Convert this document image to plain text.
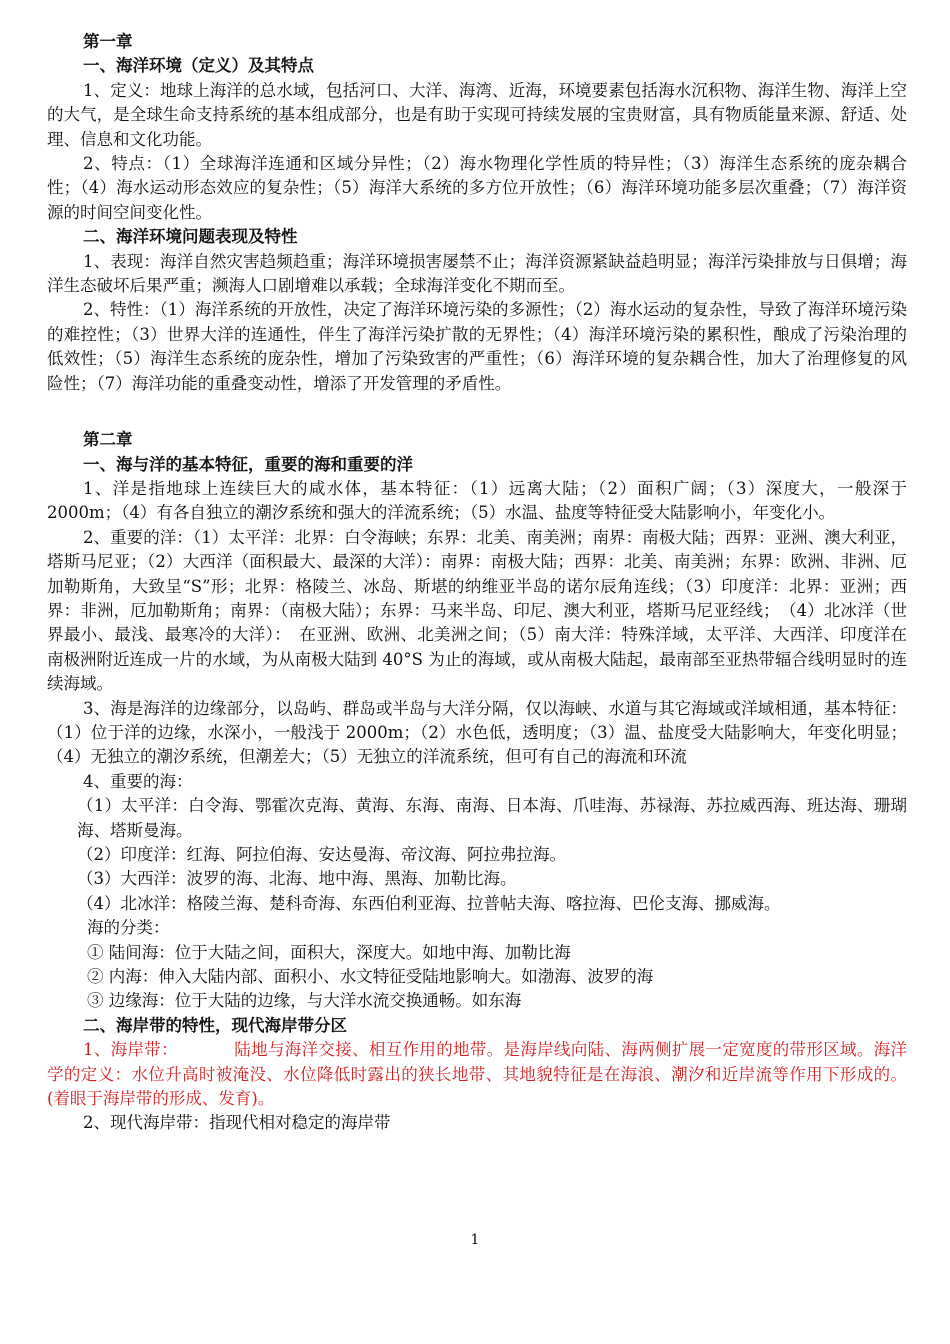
第一章

一、海洋环境（定义）及其特点

1、定义：地球上海洋的总水域，包括河口、大洋、海湾、近海，环境要素包括海水沉积物、海洋生物、海洋上空的大气，是全球生命支持系统的基本组成部分，也是有助于实现可持续发展的宝贵财富，具有物质能量来源、舒适、处理、信息和文化功能。

2、特点：（1）全球海洋连通和区域分异性；（2）海水物理化学性质的特异性；（3）海洋生态系统的庞杂耦合性；（4）海水运动形态效应的复杂性；（5）海洋大系统的多方位开放性；（6）海洋环境功能多层次重叠；（7）海洋资源的时间空间变化性。

二、海洋环境问题表现及特性

1、表现：海洋自然灾害趋频趋重；海洋环境损害屡禁不止；海洋资源紧缺益趋明显；海洋污染排放与日俱增；海洋生态破坏后果严重；濒海人口剧增难以承载；全球海洋变化不期而至。

2、特性：（1）海洋系统的开放性，决定了海洋环境污染的多源性；（2）海水运动的复杂性，导致了海洋环境污染的难控性；（3）世界大洋的连通性，伴生了海洋污染扩散的无界性；（4）海洋环境污染的累积性，酿成了污染治理的低效性；（5）海洋生态系统的庞杂性，增加了污染致害的严重性；（6）海洋环境的复杂耦合性，加大了治理修复的风险性；（7）海洋功能的重叠变动性，增添了开发管理的矛盾性。

第二章

一、海与洋的基本特征，重要的海和重要的洋

1、洋是指地球上连续巨大的咸水体，基本特征：（1）远离大陆；（2）面积广阔；（3）深度大，一般深于 2000m；（4）有各自独立的潮汐系统和强大的洋流系统；（5）水温、盐度等特征受大陆影响小，年变化小。

2、重要的洋：（1）太平洋：北界：白令海峡；东界：北美、南美洲；南界：南极大陆；西界：亚洲、澳大利亚，塔斯马尼亚；（2）大西洋（面积最大、最深的大洋）：南界：南极大陆；西界：北美、南美洲；东界：欧洲、非洲、厄加勒斯角，大致呈“S”形；北界：格陵兰、冰岛、斯堪的纳维亚半岛的诺尔辰角连线；（3）印度洋：北界：亚洲；西界：非洲，厄加勒斯角；南界：（南极大陆）；东界：马来半岛、印尼、澳大利亚，塔斯马尼亚经线；　（4）北冰洋（世界最小、最浅、最寒冷的大洋）：　在亚洲、欧洲、北美洲之间；（5）南大洋：特殊洋域，太平洋、大西洋、印度洋在南极洲附近连成一片的水域，为从南极大陆到 40°S 为止的海域，或从南极大陆起，最南部至亚热带辐合线明显时的连续海域。

3、海是海洋的边缘部分，以岛屿、群岛或半岛与大洋分隔，仅以海峡、水道与其它海域或洋域相通，基本特征：（1）位于洋的边缘，水深小，一般浅于 2000m；（2）水色低，透明度；（3）温、盐度受大陆影响大，年变化明显；（4）无独立的潮汐系统，但潮差大；（5）无独立的洋流系统，但可有自己的海流和环流

4、重要的海：

（1）太平洋：白令海、鄂霍次克海、黄海、东海、南海、日本海、爪哇海、苏禄海、苏拉威西海、班达海、珊瑚海、塔斯曼海。

（2）印度洋：红海、阿拉伯海、安达曼海、帝汶海、阿拉弗拉海。

（3）大西洋：波罗的海、北海、地中海、黑海、加勒比海。

（4）北冰洋：格陵兰海、楚科奇海、东西伯利亚海、拉普帖夫海、喀拉海、巴伦支海、挪威海。

海的分类：

① 陆间海：位于大陆之间，面积大，深度大。如地中海、加勒比海

② 内海：伸入大陆内部、面积小、水文特征受陆地影响大。如渤海、波罗的海

③ 边缘海：位于大陆的边缘，与大洋水流交换通畅。如东海

二、海岸带的特性，现代海岸带分区

1、海岸带：	陆地与海洋交接、相互作用的地带。是海岸线向陆、海两侧扩展一定宽度的带形区域。海洋学的定义：水位升高时被淹没、水位降低时露出的狭长地带、其地貌特征是在海浪、潮汐和近岸流等作用下形成的。(着眼于海岸带的形成、发育)。

2、现代海岸带：指现代相对稳定的海岸带

1
